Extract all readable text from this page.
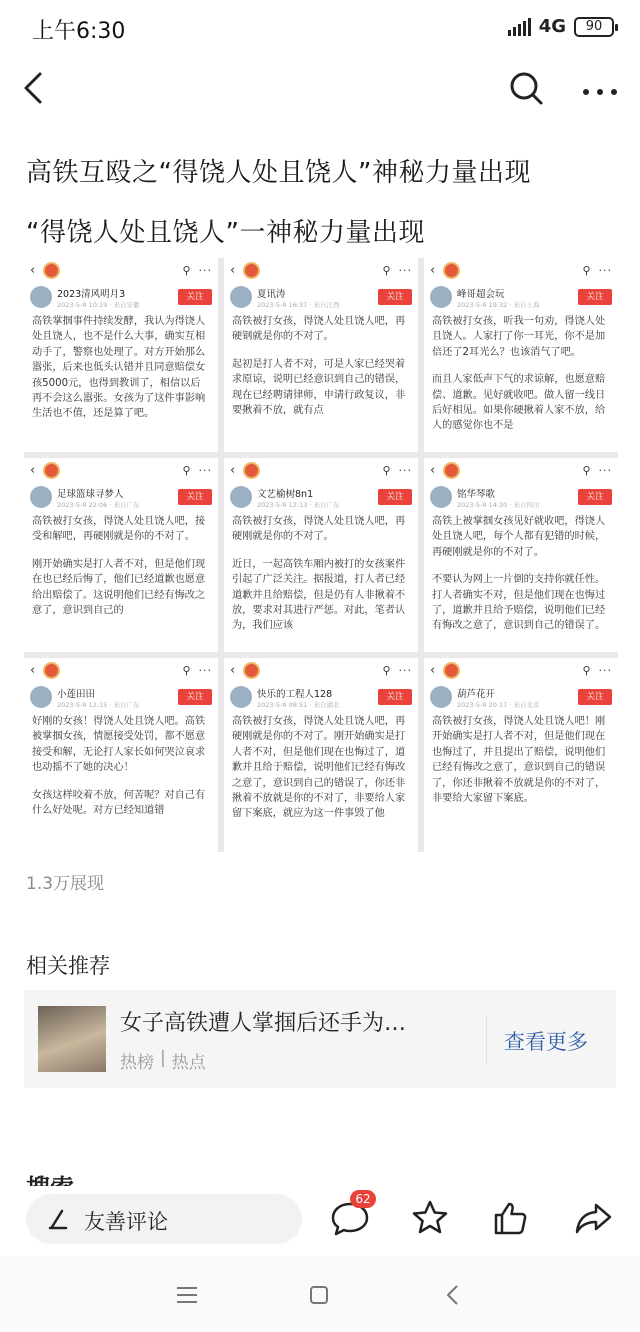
上午6:30	4G	90
高铁互殴之“得饶人处且饶人”神秘力量出现
“得饶人处且饶人”一神秘力量出现
‹	⚲ ···
2023清风明月3
2023-5-9 10:19 · 来自安徽
关注

高铁掌掴事件持续发酵，我认为得饶人处且饶人，也不是什么大事，确实互相动手了，警察也处理了。对方开始那么嚣张，后来也低头认错并且同意赔偿女孩5000元，也得到教训了，相信以后再不会这么嚣张。女孩为了这件事影响生活也不值，还是算了吧。

‹	⚲ ···
夏讯涛
2023-5-9 16:37 · 来自江西
关注

高铁被打女孩，得饶人处且饶人吧，再硬钢就是你的不对了。

起初是打人者不对，可是人家已经哭着求原谅，说明已经意识到自己的错误，现在已经聘请律师，申请行政复议，非要揪着不放，就有点

‹	⚲ ···
峰哥超会玩
2023-5-9 19:32 · 来自上海
关注

高铁被打女孩，听我一句劝，得饶人处且饶人。人家打了你一耳光，你不是加倍还了2耳光么？也该消气了吧。

而且人家低声下气的求谅解，也愿意赔偿、道歉。见好就收吧。做人留一线日后好相见。如果你硬揪着人家不放，给人的感觉你也不是

‹	⚲ ···
足球篮球寻梦人
2023-5-9 22:06 · 来自广东
关注

高铁被打女孩，得饶人处且饶人吧，接受和解吧，再硬刚就是你的不对了。

刚开始确实是打人者不对，但是他们现在也已经后悔了，他们已经道歉也愿意给出赔偿了。这说明他们已经有悔改之意了，意识到自己的

‹	⚲ ···
文艺榆树8n1
2023-5-9 12:13 · 来自广东
关注

高铁被打女孩，得饶人处且饶人吧，再硬刚就是你的不对了。

近日，一起高铁车厢内被打的女孩案件引起了广泛关注。据报道，打人者已经道歉并且给赔偿，但是仍有人非揪着不放，要求对其进行严惩。对此，笔者认为，我们应该

‹	⚲ ···
铭华琴歌
2023-5-9 14:30 · 来自四川
关注

高铁上被掌掴女孩见好就收吧，得饶人处且饶人吧，每个人都有犯错的时候，再硬刚就是你的不对了。

不要认为网上一片倒的支持你就任性。打人者确实不对，但是他们现在也悔过了，道歉并且给予赔偿，说明他们已经有悔改之意了，意识到自己的错误了。

‹	⚲ ···
小莲田田
2023-5-9 12:15 · 来自广东
关注

好刚的女孩！得饶人处且饶人吧。高铁被掌掴女孩，情愿接受处罚，都不愿意接受和解，无论打人家长如何哭泣哀求也动摇不了她的决心！

女孩这样咬着不放，何苦呢？对自己有什么好处呢。对方已经知道错

‹	⚲ ···
快乐的工程人128
2023-5-9 08:51 · 来自湖北
关注

高铁被打女孩，得饶人处且饶人吧，再硬刚就是你的不对了。刚开始确实是打人者不对，但是他们现在也悔过了，道歉并且给于赔偿，说明他们已经有悔改之意了，意识到自己的错误了，你还非揪着不放就是你的不对了，非要给人家留下案底，就应为这一件事毁了他

‹	⚲ ···
葫芦花开
2023-5-9 20:17 · 来自北京
关注

高铁被打女孩，得饶人处且饶人吧！刚开始确实是打人者不对，但是他们现在也悔过了，并且提出了赔偿，说明他们已经有悔改之意了，意识到自己的错误了，你还非揪着不放就是你的不对了，非要给大家留下案底。

1.3万展现
相关推荐
女子高铁遭人掌掴后还手为…
热榜 | 热点
查看更多
友善评论
62
